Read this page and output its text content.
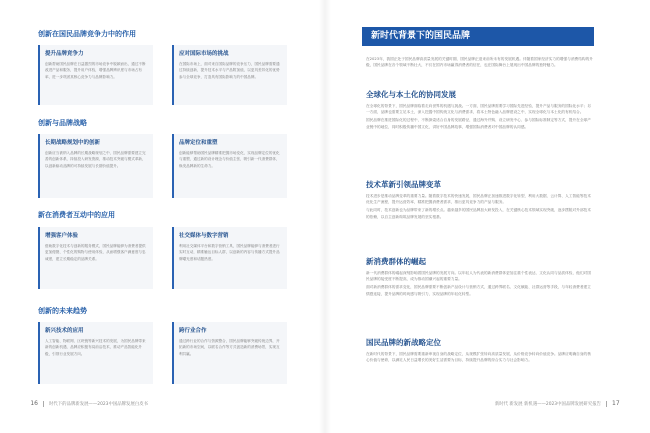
创新在国民品牌竞争力中的作用
提升品牌竞争力
创新帮助国民品牌在日益激烈的市场竞争中脱颖而出，通过不断改进产品和服务，提升用户体验，增强品牌辨识度与市场占有率，进一步巩固其核心竞争力与品牌影响力。
应对国际市场的挑战
在国际市场上，面对来自国际品牌的竞争压力，国民品牌需要通过持续创新，提升技术水平与产品附加值，以更具差异化的优势参与全球竞争，打造具有国际影响力的中国品牌。
创新与品牌战略
长期战略规划中的创新
创新应当被纳入品牌的长期战略规划之中，国民品牌需要建立完善的创新体系，持续投入研发资源，推动技术突破与模式革新，以创新驱动品牌的可持续发展与长期价值提升。
品牌定位和重塑
创新能够帮助国民品牌精准把握市场变化，实现品牌定位的优化与重塑，通过新的设计理念与价值主张，吸引新一代消费群体，焕发品牌新的生命力。
新在消费者互动中的应用
增强客户体验
借助数字化技术与创新的服务模式，国民品牌能够为消费者提供更加便捷、个性化的购物与使用体验，从而增强客户满意度与忠诚度，建立长期稳定的品牌关系。
社交媒体与数字营销
利用社交媒体平台和数字营销工具，国民品牌能够与消费者进行实时互动，精准触达目标人群，以创新的内容与传播方式提升品牌曝光度和话题热度。
创新的未来趋势
新兴技术的应用
人工智能、物联网、区块链等新兴技术的发展，为国民品牌带来新的创新机遇，品牌应积极布局前沿技术，推动产品智能化升级，引领行业发展方向。
跨行业合作
通过跨行业的合作与资源整合，国民品牌能够突破传统边界，开拓新的市场空间，以联名合作等方式创造新的消费场景，实现互利共赢。
16	时代下的品牌新发展——2023中国品牌发展白皮书	新时代 新发展 新机遇——2023中国品牌发展研究报告 17
新时代背景下的国民品牌

在2023年，我国正处于国民品牌高质量发展的关键时期，国民品牌正迎来前所未有的发展机遇。伴随着国家经济实力的增强与消费结构的升级，国民品牌在各个领域不断壮大，不仅在国内市场赢得消费者的信任，也在国际舞台上展现出中国品牌的独特魅力。

全球化与本土化的协同发展

在全球化的背景下，国民品牌面临着走向世界的机遇与挑战。一方面，国民品牌需要学习国际先进经验，提升产品与服务的国际化水平；另一方面，品牌也需要立足本土，深入挖掘中国传统文化与消费需求，将本土特色融入品牌建设之中，实现全球化与本土化的有机结合。

国民品牌在推进国际化的过程中，不断探索适合自身的发展路径，通过海外并购、设立研发中心、参与国际标准制定等方式，提升在全球产业链中的地位，同时积极传播中国文化，讲好中国品牌故事，增强国际消费者对中国品牌的认同感。

技术革新引领品牌变革

技术进步是推动品牌变革的重要力量。随着数字技术的快速发展，国民品牌正加速推进数字化转型，利用大数据、云计算、人工智能等技术优化生产流程，提升运营效率，精准把握消费者需求，推出更具竞争力的产品与服务。

与此同时，技术创新也为品牌带来了新的增长点。越来越多的国民品牌加大研发投入，在关键核心技术领域实现突破，逐步摆脱对外部技术的依赖，以自主创新构筑品牌发展的坚实根基。

新消费群体的崛起

新一代消费群体的崛起深刻影响着国民品牌的发展方向。以年轻人为代表的新消费群体更加注重个性表达、文化认同与品质体验，他们对国民品牌的接受度不断提高，成为推动国潮兴起的重要力量。

面对新消费群体的需求变化，国民品牌需要不断创新产品设计与营销方式，通过跨界联名、文化赋能、社群运营等手段，与年轻消费者建立情感连接，提升品牌的时尚感与吸引力，实现品牌的年轻化转型。

国民品牌的新战略定位

在新时代的背景下，国民品牌需要重新审视自身的战略定位，从规模扩张转向高质量发展，从价格竞争转向价值竞争。品牌应明确自身的核心价值与使命，以满足人民日益增长的美好生活需要为目标，持续提升品牌的综合实力与社会影响力。
